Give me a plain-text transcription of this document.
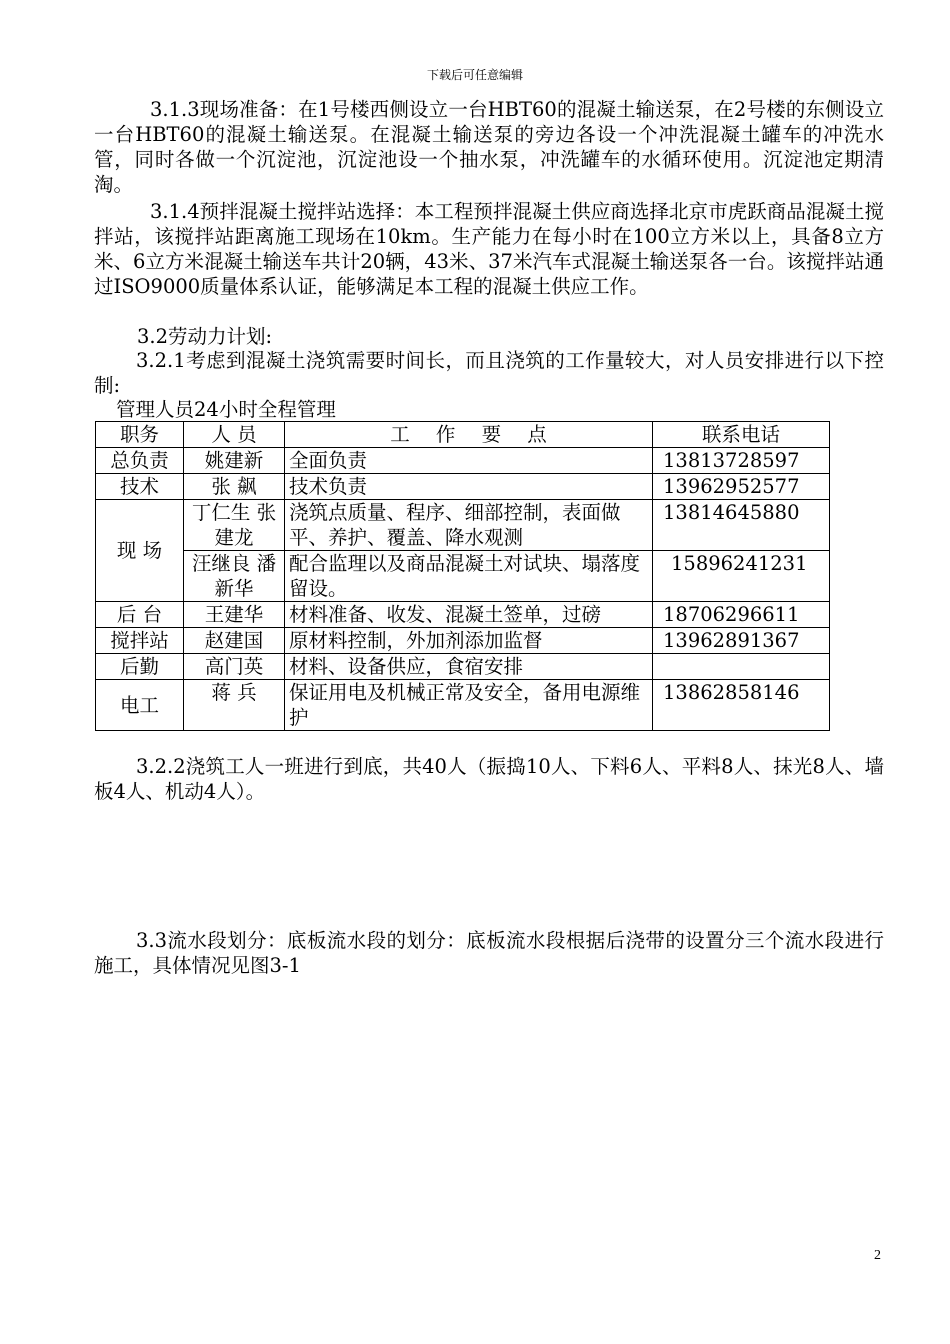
下载后可任意编辑
3.1.3现场准备：在1号楼西侧设立一台HBT60的混凝土输送泵，在2号楼的东侧设立一台HBT60的混凝土输送泵。在混凝土输送泵的旁边各设一个冲洗混凝土罐车的冲洗水管，同时各做一个沉淀池，沉淀池设一个抽水泵，冲洗罐车的水循环使用。沉淀池定期清淘。
3.1.4预拌混凝土搅拌站选择：本工程预拌混凝土供应商选择北京市虎跃商品混凝土搅拌站，该搅拌站距离施工现场在10km。生产能力在每小时在100立方米以上，具备8立方米、6立方米混凝土输送车共计20辆，43米、37米汽车式混凝土输送泵各一台。该搅拌站通过ISO9000质量体系认证，能够满足本工程的混凝土供应工作。
3.2劳动力计划:
3.2.1考虑到混凝土浇筑需要时间长，而且浇筑的工作量较大，对人员安排进行以下控制:
管理人员24小时全程管理
职务	人 员	工 作 要 点	联系电话
总负责	姚建新	全面负责	13813728597
技术	张 飙	技术负责	13962952577
现 场	丁仁生 张建龙	浇筑点质量、程序、细部控制，表面做平、养护、覆盖、降水观测	13814645880
	汪继良 潘新华	配合监理以及商品混凝土对试块、塌落度留设。	15896241231
后 台	王建华	材料准备、收发、混凝土签单，过磅	18706296611
搅拌站	赵建国	原材料控制，外加剂添加监督	13962891367
后勤	高门英	材料、设备供应，食宿安排	
电工	蒋 兵	保证用电及机械正常及安全，备用电源维护	13862858146
3.2.2浇筑工人一班进行到底，共40人（振捣10人、下料6人、平料8人、抹光8人、墙板4人、机动4人）。
3.3流水段划分：底板流水段的划分：底板流水段根据后浇带的设置分三个流水段进行施工，具体情况见图3-1
2
